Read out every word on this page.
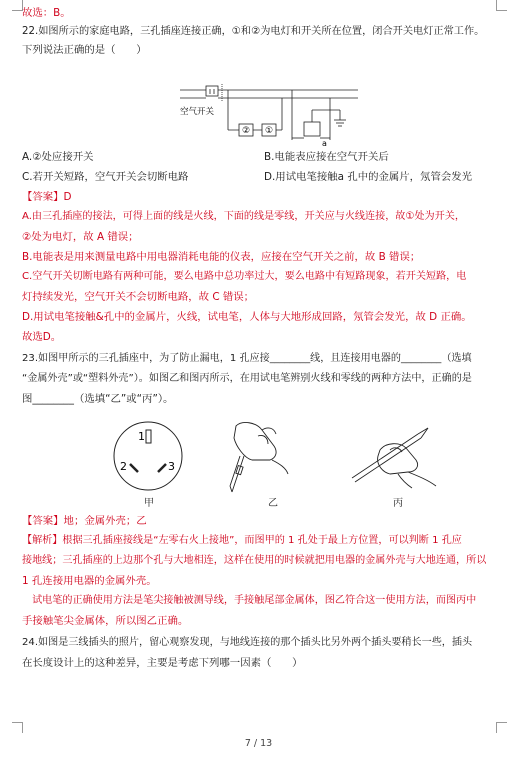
故选：B。
22.如图所示的家庭电路，三孔插座连接正确，①和②为电灯和开关所在位置，闭合开关电灯正常工作。
下列说法正确的是（　　）
② ①
空气开关
a
A.②处应接开关	B.电能表应接在空气开关后
C.若开关短路，空气开关会切断电路	D.用试电笔接触a 孔中的金属片，氖管会发光
【答案】D
A.由三孔插座的接法，可得上面的线是火线，下面的线是零线，开关应与火线连接，故①处为开关，
②处为电灯，故 A 错误；
B.电能表是用来测量电路中用电器消耗电能的仪表，应接在空气开关之前，故 B 错误；
C.空气开关切断电路有两种可能，要么电路中总功率过大，要么电路中有短路现象，若开关短路，电
灯持续发光，空气开关不会切断电路，故 C 错误；
D.用试电笔接触&孔中的金属片，火线，试电笔，人体与大地形成回路，氖管会发光，故 D 正确。
故选D。
23.如图甲所示的三孔插座中，为了防止漏电，1 孔应接________线，且连接用电器的________（选填
“金属外壳”或“塑料外壳”）。如图乙和图丙所示，在用试电笔辨别火线和零线的两种方法中，正确的是
图________（选填“乙”或“丙”）。
1
2	3
甲	乙	丙
【答案】地；金属外壳；乙
【解析】根据三孔插座接线是“左零右火上接地”，而图甲的 1 孔处于最上方位置，可以判断 1 孔应
接地线；三孔插座的上边那个孔与大地相连，这样在使用的时候就把用电器的金属外壳与大地连通，所以
1 孔连接用电器的金属外壳。
　试电笔的正确使用方法是笔尖接触被测导线，手接触尾部金属体，图乙符合这一使用方法，而图丙中
手接触笔尖金属体，所以图乙正确。
24.如图是三线插头的照片，留心观察发现，与地线连接的那个插头比另外两个插头要稍长一些，插头
在长度设计上的这种差异，主要是考虑下列哪一因素（　　）
7 / 13
